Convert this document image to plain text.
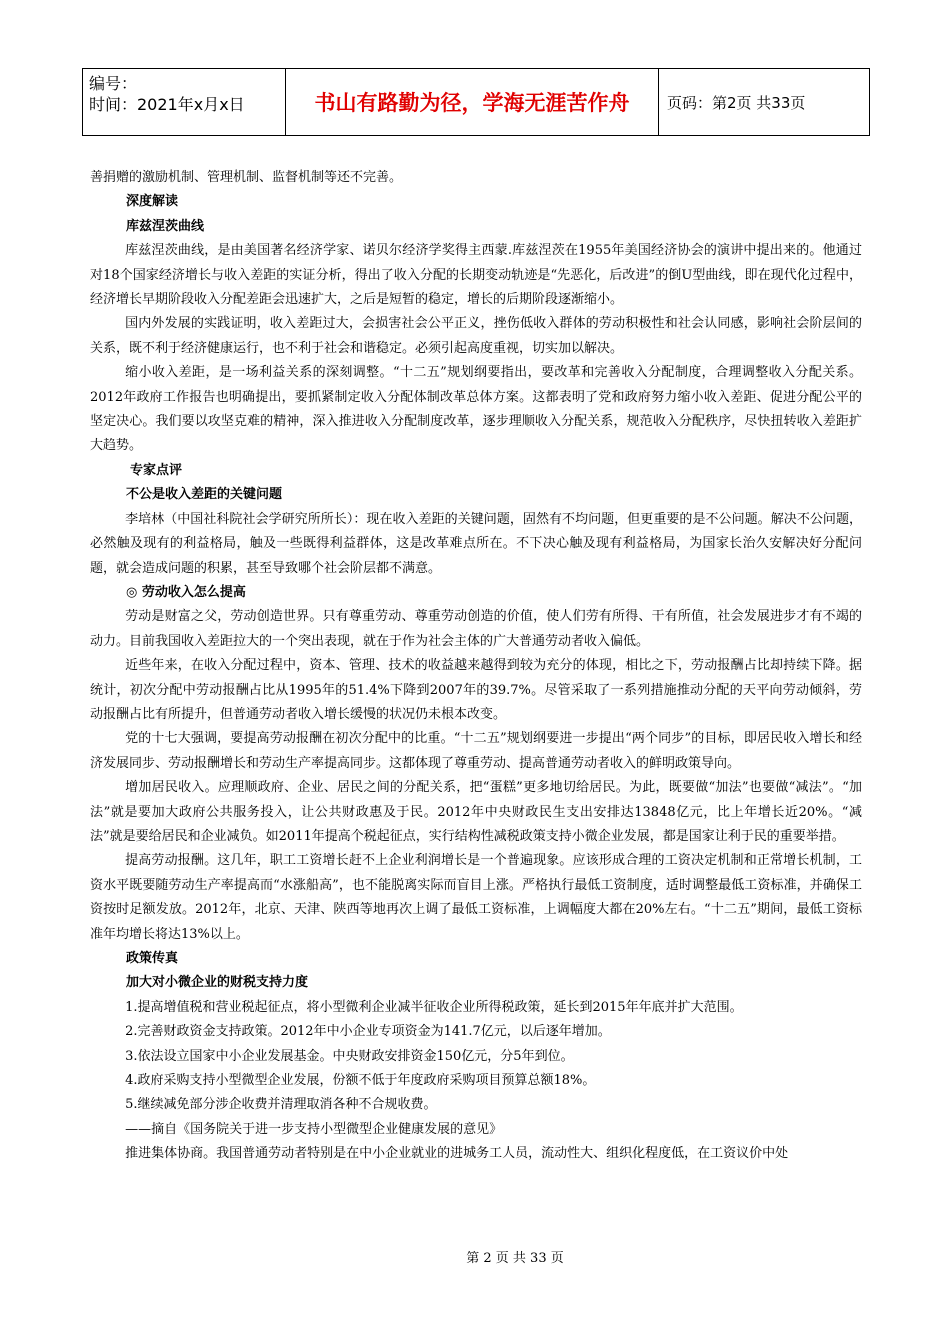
编号：
时间：2021年x月x日	书山有路勤为径，学海无涯苦作舟	页码：第2页 共33页

善捐赠的激励机制、管理机制、监督机制等还不完善。

深度解读

库兹涅茨曲线

库兹涅茨曲线，是由美国著名经济学家、诺贝尔经济学奖得主西蒙.库兹涅茨在1955年美国经济协会的演讲中提出来的。他通过对18个国家经济增长与收入差距的实证分析，得出了收入分配的长期变动轨迹是“先恶化，后改进”的倒U型曲线，即在现代化过程中，经济增长早期阶段收入分配差距会迅速扩大，之后是短暂的稳定，增长的后期阶段逐渐缩小。

国内外发展的实践证明，收入差距过大，会损害社会公平正义，挫伤低收入群体的劳动积极性和社会认同感，影响社会阶层间的关系，既不利于经济健康运行，也不利于社会和谐稳定。必须引起高度重视，切实加以解决。

缩小收入差距，是一场利益关系的深刻调整。“十二五”规划纲要指出，要改革和完善收入分配制度，合理调整收入分配关系。2012年政府工作报告也明确提出，要抓紧制定收入分配体制改革总体方案。这都表明了党和政府努力缩小收入差距、促进分配公平的坚定决心。我们要以攻坚克难的精神，深入推进收入分配制度改革，逐步理顺收入分配关系，规范收入分配秩序，尽快扭转收入差距扩大趋势。

专家点评

不公是收入差距的关键问题

李培林（中国社科院社会学研究所所长）：现在收入差距的关键问题，固然有不均问题，但更重要的是不公问题。解决不公问题，必然触及现有的利益格局，触及一些既得利益群体，这是改革难点所在。不下决心触及现有利益格局，为国家长治久安解决好分配问题，就会造成问题的积累，甚至导致哪个社会阶层都不满意。

◎ 劳动收入怎么提高

劳动是财富之父，劳动创造世界。只有尊重劳动、尊重劳动创造的价值，使人们劳有所得、干有所值，社会发展进步才有不竭的动力。目前我国收入差距拉大的一个突出表现，就在于作为社会主体的广大普通劳动者收入偏低。

近些年来，在收入分配过程中，资本、管理、技术的收益越来越得到较为充分的体现，相比之下，劳动报酬占比却持续下降。据统计，初次分配中劳动报酬占比从1995年的51.4%下降到2007年的39.7%。尽管采取了一系列措施推动分配的天平向劳动倾斜，劳动报酬占比有所提升，但普通劳动者收入增长缓慢的状况仍未根本改变。

党的十七大强调，要提高劳动报酬在初次分配中的比重。“十二五”规划纲要进一步提出“两个同步”的目标，即居民收入增长和经济发展同步、劳动报酬增长和劳动生产率提高同步。这都体现了尊重劳动、提高普通劳动者收入的鲜明政策导向。

增加居民收入。应理顺政府、企业、居民之间的分配关系，把“蛋糕”更多地切给居民。为此，既要做“加法”也要做“减法”。“加法”就是要加大政府公共服务投入，让公共财政惠及于民。2012年中央财政民生支出安排达13848亿元，比上年增长近20%。“减法”就是要给居民和企业减负。如2011年提高个税起征点，实行结构性减税政策支持小微企业发展，都是国家让利于民的重要举措。

提高劳动报酬。这几年，职工工资增长赶不上企业利润增长是一个普遍现象。应该形成合理的工资决定机制和正常增长机制，工资水平既要随劳动生产率提高而“水涨船高”，也不能脱离实际而盲目上涨。严格执行最低工资制度，适时调整最低工资标准，并确保工资按时足额发放。2012年，北京、天津、陕西等地再次上调了最低工资标准，上调幅度大都在20%左右。“十二五”期间，最低工资标准年均增长将达13%以上。

政策传真

加大对小微企业的财税支持力度

1.提高增值税和营业税起征点，将小型微利企业减半征收企业所得税政策，延长到2015年年底并扩大范围。

2.完善财政资金支持政策。2012年中小企业专项资金为141.7亿元，以后逐年增加。

3.依法设立国家中小企业发展基金。中央财政安排资金150亿元，分5年到位。

4.政府采购支持小型微型企业发展，份额不低于年度政府采购项目预算总额18%。

5.继续减免部分涉企收费并清理取消各种不合规收费。

——摘自《国务院关于进一步支持小型微型企业健康发展的意见》

推进集体协商。我国普通劳动者特别是在中小企业就业的进城务工人员，流动性大、组织化程度低，在工资议价中处

第 2 页 共 33 页
